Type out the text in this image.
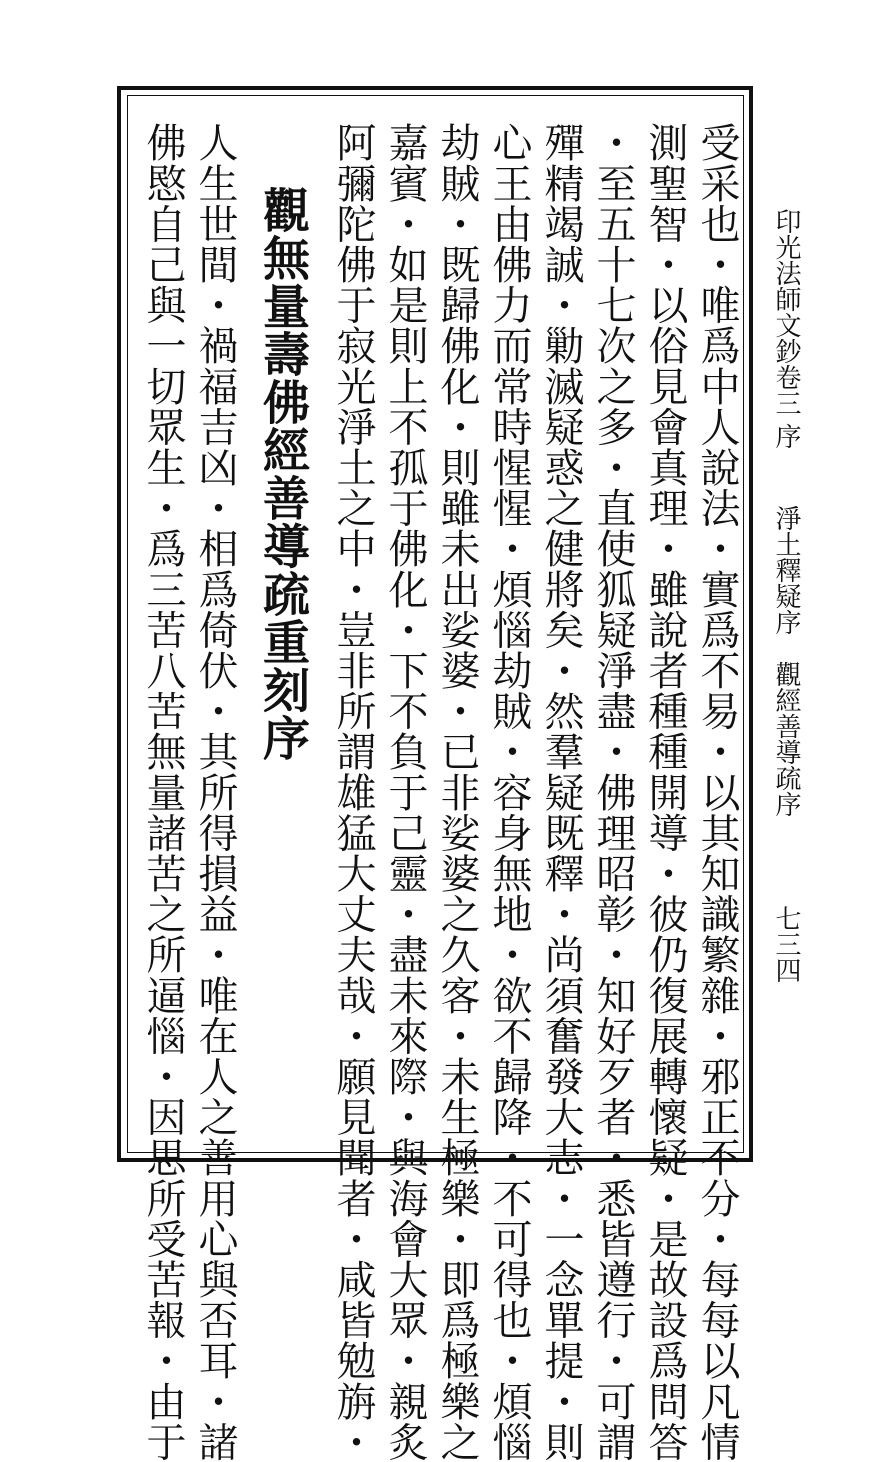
印光法師文鈔卷三
序
淨土釋疑序　觀經善導疏序
七三四
受采也・唯爲中人說法・實爲不易・以其知識繁雜・邪正不分・每每以凡情
測聖智・以俗見會真理・雖說者種種開導・彼仍復展轉懷疑・是故設爲問答
・至五十七次之多・直使狐疑淨盡・佛理昭彰・知好歹者・悉皆遵行・可謂
殫精竭誠・勦滅疑惑之健將矣・然羣疑既釋・尚須奮發大志・一念單提・則
心王由佛力而常時惺惺・煩惱劫賊・容身無地・欲不歸降・不可得也・煩惱
劫賊・既歸佛化・則雖未出娑婆・已非娑婆之久客・未生極樂・即爲極樂之
嘉賓・如是則上不孤于佛化・下不負于己靈・盡未來際・與海會大眾・親炙
阿彌陀佛于寂光淨土之中・豈非所謂雄猛大丈夫哉・願見聞者・咸皆勉旃・
觀無量壽佛經善導疏重刻序
人生世間・禍福吉凶・相爲倚伏・其所得損益・唯在人之善用心與否耳・諸
佛愍自己與一切眾生・爲三苦八苦無量諸苦之所逼惱・因思所受苦報・由于
